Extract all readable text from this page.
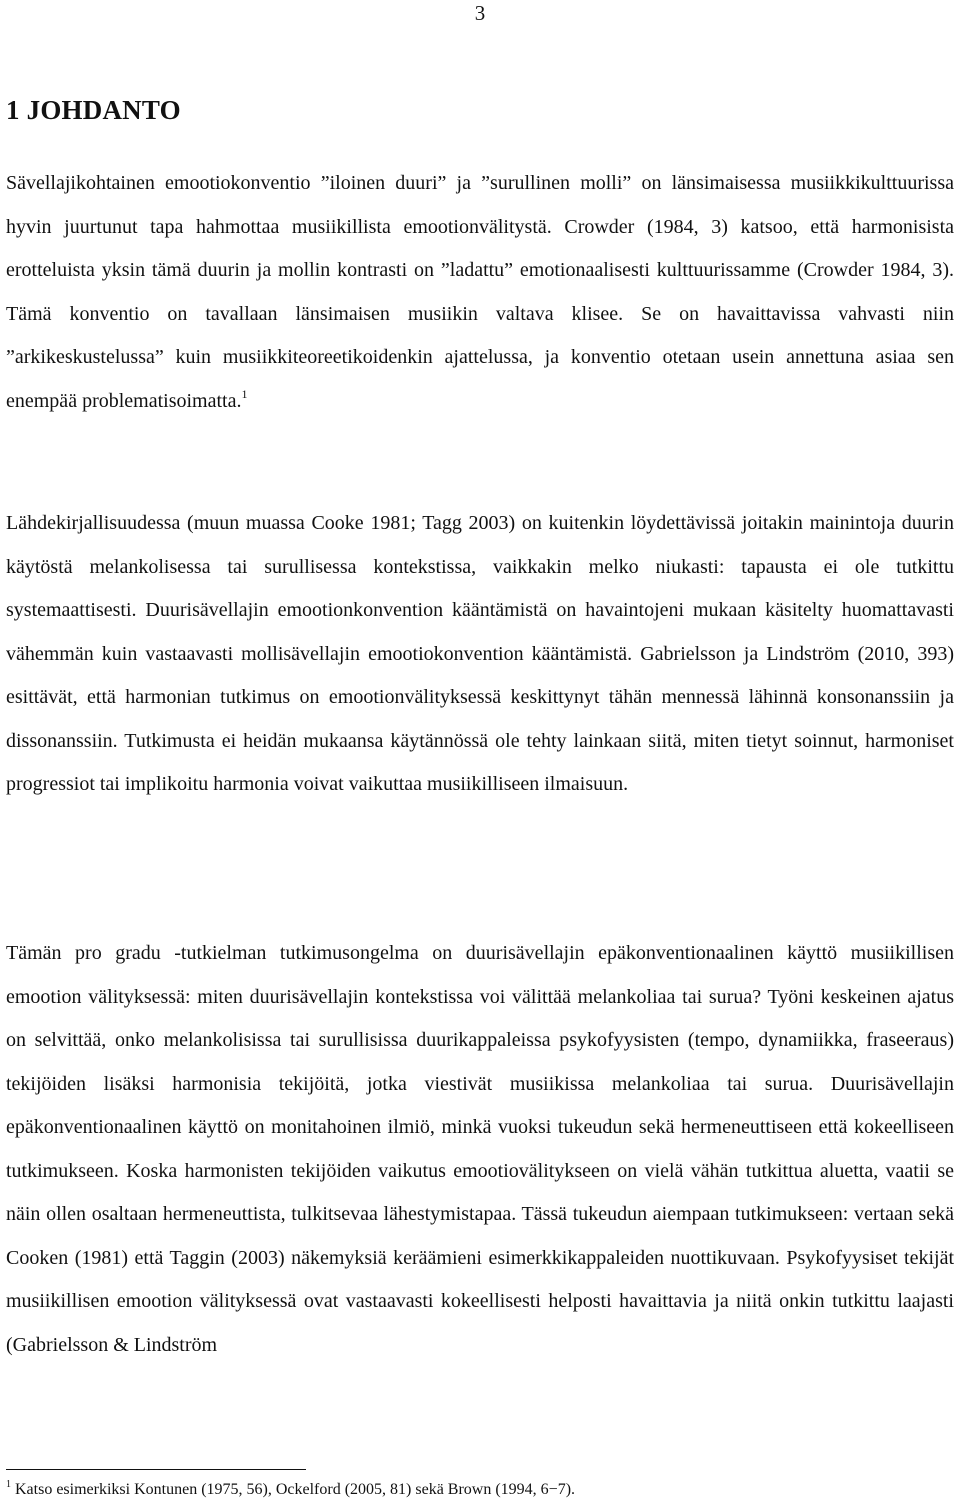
3
1 JOHDANTO

Sävellajikohtainen emootiokonventio ”iloinen duuri” ja ”surullinen molli” on länsimaisessa musiikkikulttuurissa hyvin juurtunut tapa hahmottaa musiikillista emootionvälitystä. Crowder (1984, 3) katsoo, että harmonisista erotteluista yksin tämä duurin ja mollin kontrasti on ”ladattu” emotionaalisesti kulttuurissamme (Crowder 1984, 3). Tämä konventio on tavallaan länsimaisen musiikin valtava klisee. Se on havaittavissa vahvasti niin ”arkikeskustelussa” kuin musiikkiteoreetikoidenkin ajattelussa, ja konventio otetaan usein annettuna asiaa sen enempää problematisoimatta.$^1$

Lähdekirjallisuudessa (muun muassa Cooke 1981; Tagg 2003) on kuitenkin löydettävissä joitakin mainintoja duurin käytöstä melankolisessa tai surullisessa kontekstissa, vaikkakin melko niukasti: tapausta ei ole tutkittu systemaattisesti. Duurisävellajin emootionkonvention kääntämistä on havaintojeni mukaan käsitelty huomattavasti vähemmän kuin vastaavasti mollisävellajin emootiokonvention kääntämistä. Gabrielsson ja Lindström (2010, 393) esittävät, että harmonian tutkimus on emootionvälityksessä keskittynyt tähän mennessä lähinnä konsonanssiin ja dissonanssiin. Tutkimusta ei heidän mukaansa käytännössä ole tehty lainkaan siitä, miten tietyt soinnut, harmoniset progressiot tai implikoitu harmonia voivat vaikuttaa musiikilliseen ilmaisuun.

Tämän pro gradu -tutkielman tutkimusongelma on duurisävellajin epäkonventionaalinen käyttö musiikillisen emootion välityksessä: miten duurisävellajin kontekstissa voi välittää melankoliaa tai surua? Työni keskeinen ajatus on selvittää, onko melankolisissa tai surullisissa duurikappaleissa psykofyysisten (tempo, dynamiikka, fraseeraus) tekijöiden lisäksi harmonisia tekijöitä, jotka viestivät musiikissa melankoliaa tai surua. Duurisävellajin epäkonventionaalinen käyttö on monitahoinen ilmiö, minkä vuoksi tukeudun sekä hermeneuttiseen että kokeelliseen tutkimukseen. Koska harmonisten tekijöiden vaikutus emootiovälitykseen on vielä vähän tutkittua aluetta, vaatii se näin ollen osaltaan hermeneuttista, tulkitsevaa lähestymistapaa. Tässä tukeudun aiempaan tutkimukseen: vertaan sekä Cooken (1981) että Taggin (2003) näkemyksiä keräämieni esimerkkikappaleiden nuottikuvaan. Psykofyysiset tekijät musiikillisen emootion välityksessä ovat vastaavasti kokeellisesti helposti havaittavia ja niitä onkin tutkittu laajasti (Gabrielsson & Lindström

$^1$ Katso esimerkiksi Kontunen (1975, 56), Ockelford (2005, 81) sekä Brown (1994, 6−7).
